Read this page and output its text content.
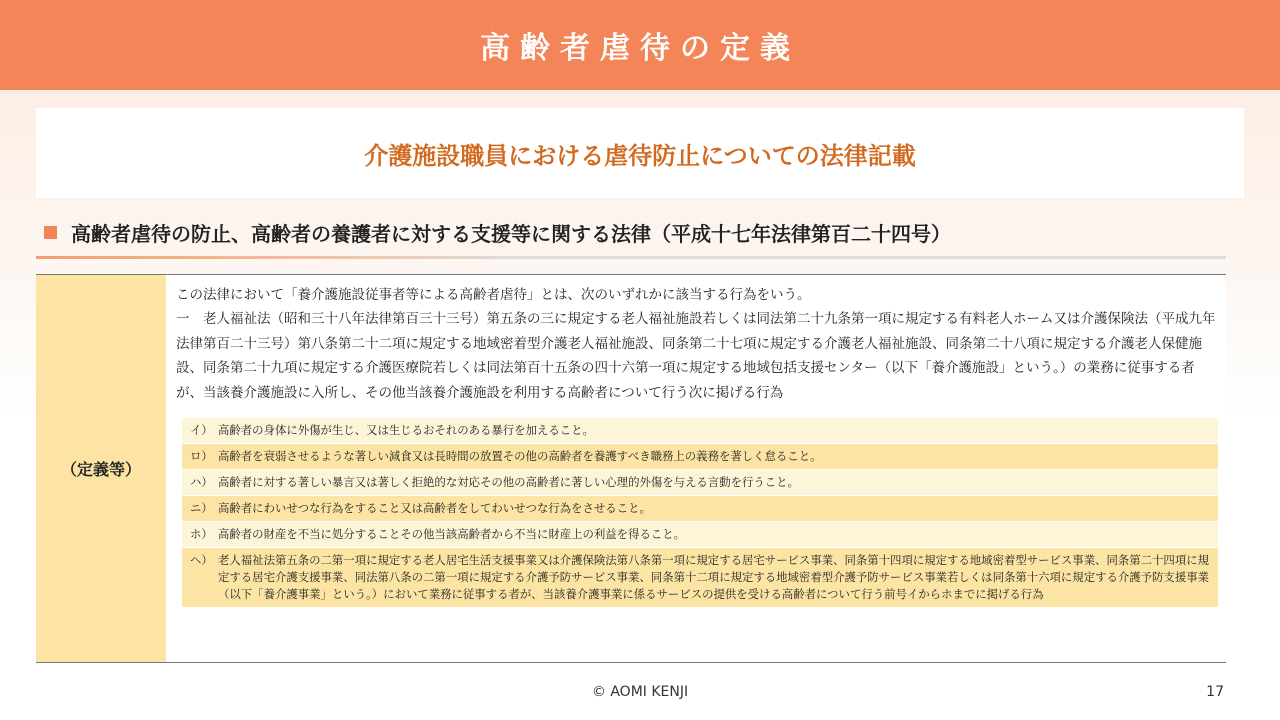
高齢者虐待の定義
介護施設職員における虐待防止についての法律記載
高齢者虐待の防止、高齢者の養護者に対する支援等に関する法律（平成十七年法律第百二十四号）
（定義等）

この法律において「養介護施設従事者等による高齢者虐待」とは、次のいずれかに該当する行為をいう。

一　老人福祉法（昭和三十八年法律第百三十三号）第五条の三に規定する老人福祉施設若しくは同法第二十九条第一項に規定する有料老人ホーム又は介護保険法（平成九年法律第百二十三号）第八条第二十二項に規定する地域密着型介護老人福祉施設、同条第二十七項に規定する介護老人福祉施設、同条第二十八項に規定する介護老人保健施設、同条第二十九項に規定する介護医療院若しくは同法第百十五条の四十六第一項に規定する地域包括支援センター（以下「養介護施設」という。）の業務に従事する者が、当該養介護施設に入所し、その他当該養介護施設を利用する高齢者について行う次に掲げる行為

イ） 高齢者の身体に外傷が生じ、又は生じるおそれのある暴行を加えること。
ロ） 高齢者を衰弱させるような著しい減食又は長時間の放置その他の高齢者を養護すべき職務上の義務を著しく怠ること。
ハ） 高齢者に対する著しい暴言又は著しく拒絶的な対応その他の高齢者に著しい心理的外傷を与える言動を行うこと。
ニ） 高齢者にわいせつな行為をすること又は高齢者をしてわいせつな行為をさせること。
ホ） 高齢者の財産を不当に処分することその他当該高齢者から不当に財産上の利益を得ること。
ヘ） 老人福祉法第五条の二第一項に規定する老人居宅生活支援事業又は介護保険法第八条第一項に規定する居宅サービス事業、同条第十四項に規定する地域密着型サービス事業、同条第二十四項に規定する居宅介護支援事業、同法第八条の二第一項に規定する介護予防サービス事業、同条第十二項に規定する地域密着型介護予防サービス事業若しくは同条第十六項に規定する介護予防支援事業（以下「養介護事業」という。）において業務に従事する者が、当該養介護事業に係るサービスの提供を受ける高齢者について行う前号イからホまでに掲げる行為
© AOMI KENJI	17
